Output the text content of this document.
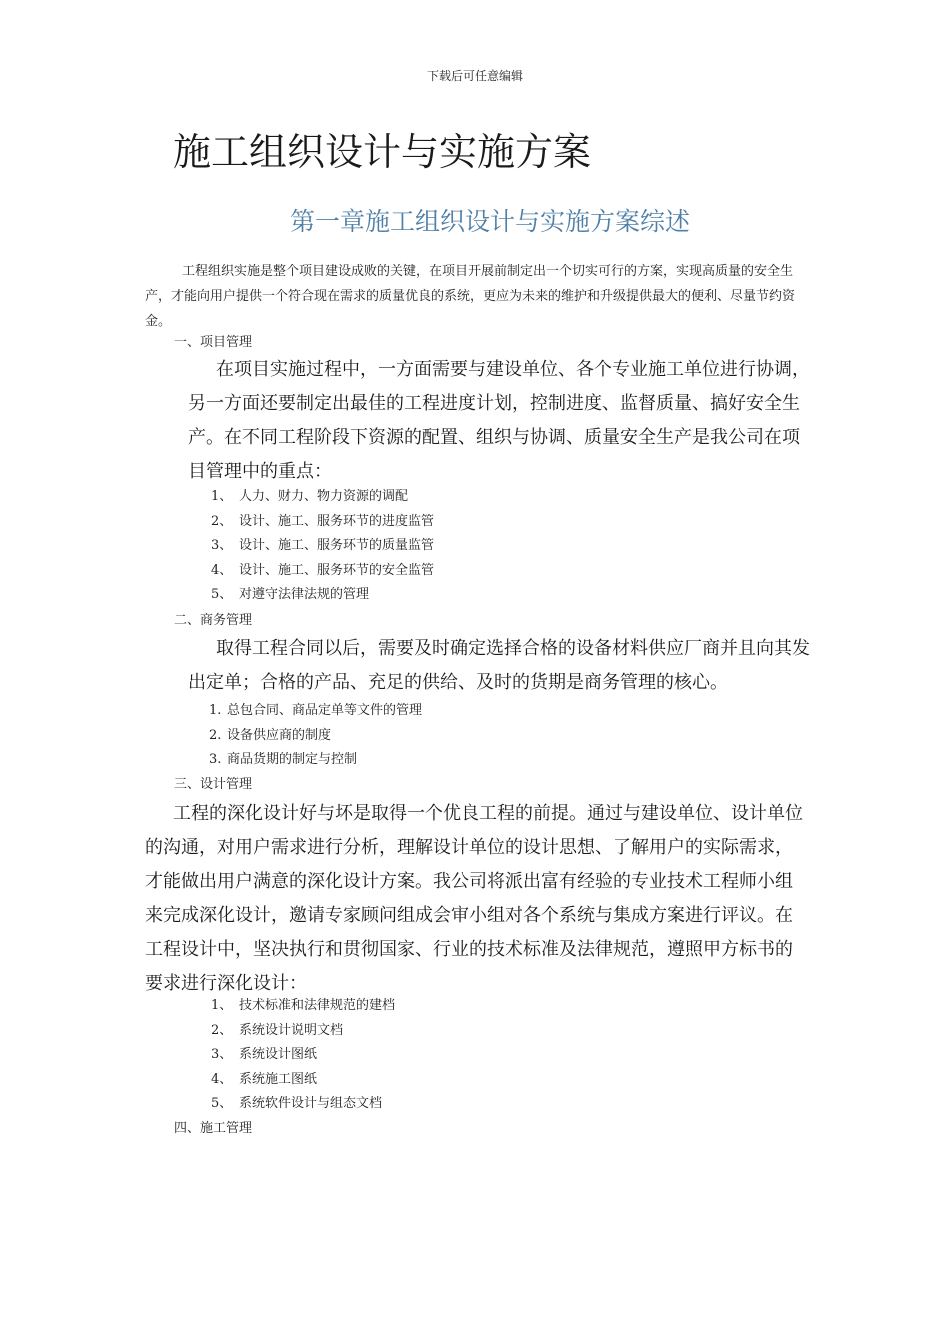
下载后可任意编辑
施工组织设计与实施方案
第一章施工组织设计与实施方案综述
工程组织实施是整个项目建设成败的关键，在项目开展前制定出一个切实可行的方案，实现高质量的安全生产，才能向用户提供一个符合现在需求的质量优良的系统，更应为未来的维护和升级提供最大的便利、尽量节约资金。
一、项目管理
在项目实施过程中，一方面需要与建设单位、各个专业施工单位进行协调，另一方面还要制定出最佳的工程进度计划，控制进度、监督质量、搞好安全生产。在不同工程阶段下资源的配置、组织与协调、质量安全生产是我公司在项目管理中的重点：
1、 人力、财力、物力资源的调配
2、 设计、施工、服务环节的进度监管
3、 设计、施工、服务环节的质量监管
4、 设计、施工、服务环节的安全监管
5、 对遵守法律法规的管理
二、商务管理
取得工程合同以后，需要及时确定选择合格的设备材料供应厂商并且向其发出定单；合格的产品、充足的供给、及时的货期是商务管理的核心。
1. 总包合同、商品定单等文件的管理
2. 设备供应商的制度
3. 商品货期的制定与控制
三、设计管理
工程的深化设计好与坏是取得一个优良工程的前提。通过与建设单位、设计单位的沟通，对用户需求进行分析，理解设计单位的设计思想、了解用户的实际需求，才能做出用户满意的深化设计方案。我公司将派出富有经验的专业技术工程师小组来完成深化设计，邀请专家顾问组成会审小组对各个系统与集成方案进行评议。在工程设计中，坚决执行和贯彻国家、行业的技术标准及法律规范，遵照甲方标书的要求进行深化设计：
1、 技术标准和法律规范的建档
2、 系统设计说明文档
3、 系统设计图纸
4、 系统施工图纸
5、 系统软件设计与组态文档
四、施工管理
